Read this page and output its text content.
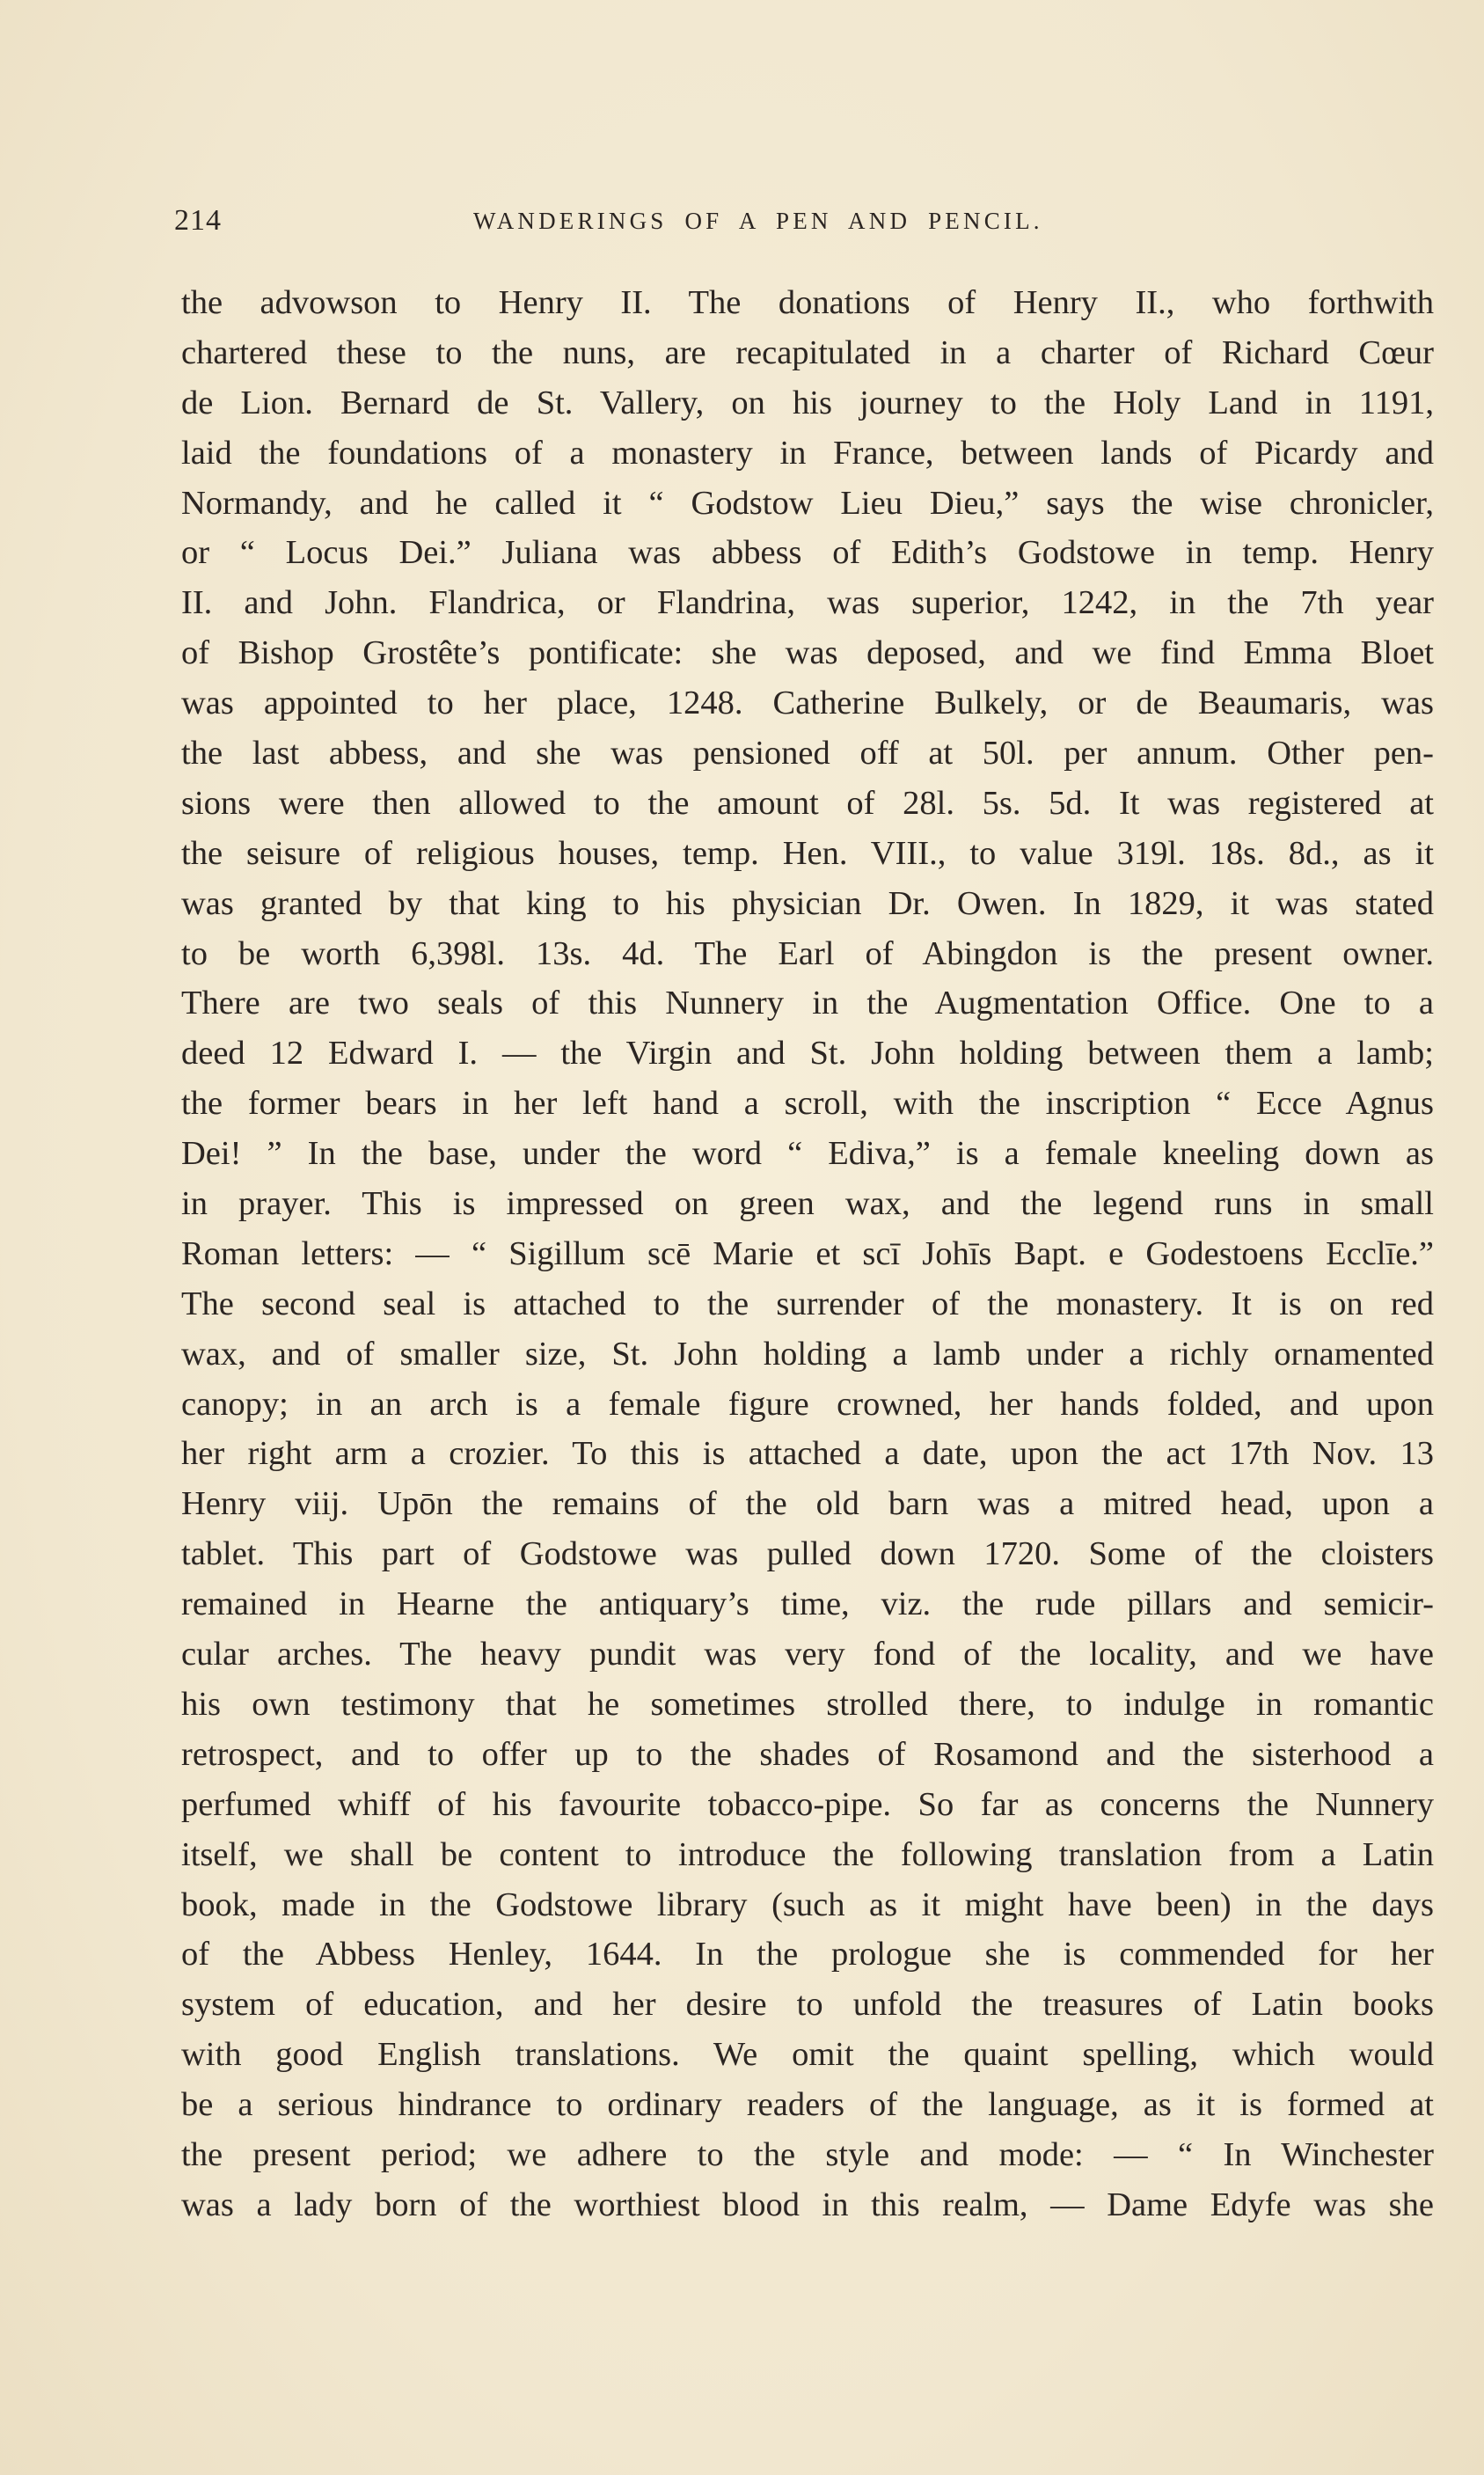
214	WANDERINGS OF A PEN AND PENCIL.
the advowson to Henry II. The donations of Henry II., who forthwith
chartered these to the nuns, are recapitulated in a charter of Richard Cœur
de Lion. Bernard de St. Vallery, on his journey to the Holy Land in 1191,
laid the foundations of a monastery in France, between lands of Picardy and
Normandy, and he called it “ Godstow Lieu Dieu,” says the wise chronicler,
or “ Locus Dei.” Juliana was abbess of Edith’s Godstowe in temp. Henry
II. and John. Flandrica, or Flandrina, was superior, 1242, in the 7th year
of Bishop Grostête’s pontificate: she was deposed, and we find Emma Bloet
was appointed to her place, 1248. Catherine Bulkely, or de Beaumaris, was
the last abbess, and she was pensioned off at 50l. per annum. Other pen-
sions were then allowed to the amount of 28l. 5s. 5d. It was registered at
the seisure of religious houses, temp. Hen. VIII., to value 319l. 18s. 8d., as it
was granted by that king to his physician Dr. Owen. In 1829, it was stated
to be worth 6,398l. 13s. 4d. The Earl of Abingdon is the present owner.
There are two seals of this Nunnery in the Augmentation Office. One to a
deed 12 Edward I. — the Virgin and St. John holding between them a lamb;
the former bears in her left hand a scroll, with the inscription “ Ecce Agnus
Dei! ” In the base, under the word “ Ediva,” is a female kneeling down as
in prayer. This is impressed on green wax, and the legend runs in small
Roman letters: — “ Sigillum scē Marie et scī Johīs Bapt. e Godestoens Ecclīe.”
The second seal is attached to the surrender of the monastery. It is on red
wax, and of smaller size, St. John holding a lamb under a richly ornamented
canopy; in an arch is a female figure crowned, her hands folded, and upon
her right arm a crozier. To this is attached a date, upon the act 17th Nov. 13
Henry viij. Upōn the remains of the old barn was a mitred head, upon a
tablet. This part of Godstowe was pulled down 1720. Some of the cloisters
remained in Hearne the antiquary’s time, viz. the rude pillars and semicir-
cular arches. The heavy pundit was very fond of the locality, and we have
his own testimony that he sometimes strolled there, to indulge in romantic
retrospect, and to offer up to the shades of Rosamond and the sisterhood a
perfumed whiff of his favourite tobacco-pipe. So far as concerns the Nunnery
itself, we shall be content to introduce the following translation from a Latin
book, made in the Godstowe library (such as it might have been) in the days
of the Abbess Henley, 1644. In the prologue she is commended for her
system of education, and her desire to unfold the treasures of Latin books
with good English translations. We omit the quaint spelling, which would
be a serious hindrance to ordinary readers of the language, as it is formed at
the present period; we adhere to the style and mode: — “ In Winchester
was a lady born of the worthiest blood in this realm, — Dame Edyfe was she
